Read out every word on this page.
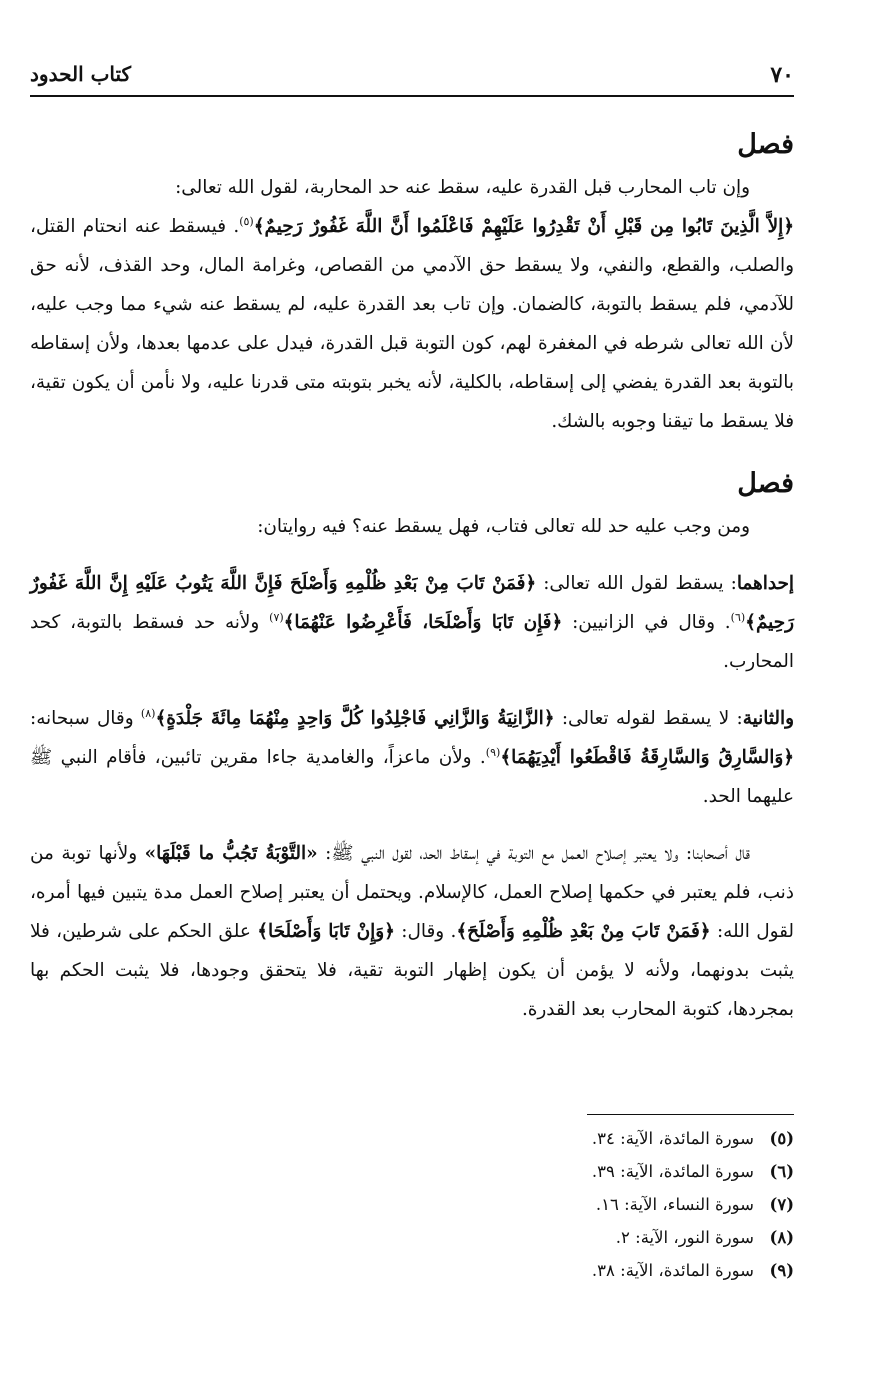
٧٠
كتاب الحدود
فصل

وإن تاب المحارب قبل القدرة عليه، سقط عنه حد المحاربة، لقول الله تعالى:
﴿إِلاَّ الَّذِينَ تَابُوا مِن قَبْلِ أَنْ تَقْدِرُوا عَلَيْهِمْ فَاعْلَمُوا أَنَّ اللَّهَ غَفُورٌ رَحِيمٌ﴾$^{(٥)}$. فيسقط عنه انحتام القتل، والصلب، والقطع، والنفي، ولا يسقط حق الآدمي من القصاص، وغرامة المال، وحد القذف، لأنه حق للآدمي، فلم يسقط بالتوبة، كالضمان. وإن تاب بعد القدرة عليه، لم يسقط عنه شيء مما وجب عليه، لأن الله تعالى شرطه في المغفرة لهم، كون التوبة قبل القدرة، فيدل على عدمها بعدها، ولأن إسقاطه بالتوبة بعد القدرة يفضي إلى إسقاطه، بالكلية، لأنه يخبر بتوبته متى قدرنا عليه، ولا نأمن أن يكون تقية، فلا يسقط ما تيقنا وجوبه بالشك.

فصل

ومن وجب عليه حد لله تعالى فتاب، فهل يسقط عنه؟ فيه روايتان:

إحداهما: يسقط لقول الله تعالى: ﴿فَمَنْ تَابَ مِنْ بَعْدِ ظُلْمِهِ وَأَصْلَحَ فَإِنَّ اللَّهَ يَتُوبُ عَلَيْهِ إِنَّ اللَّهَ غَفُورٌ رَحِيمٌ﴾$^{(٦)}$. وقال في الزانيين: ﴿فَإِن تَابَا وَأَصْلَحَا، فَأَعْرِضُوا عَنْهُمَا﴾$^{(٧)}$ ولأنه حد فسقط بالتوبة، كحد المحارب.

والثانية: لا يسقط لقوله تعالى: ﴿الزَّانِيَةُ وَالزَّانِي فَاجْلِدُوا كُلَّ وَاحِدٍ مِنْهُمَا مِائَةَ جَلْدَةٍ﴾$^{(٨)}$ وقال سبحانه: ﴿وَالسَّارِقُ وَالسَّارِقَةُ فَاقْطَعُوا أَيْدِيَهُمَا﴾$^{(٩)}$. ولأن ماعزاً، والغامدية جاءا مقرين تائبين، فأقام النبي ﷺ عليهما الحد.

قال أصحابنا: ولا يعتبر إصلاح العمل مع التوبة في إسقاط الحد، لقول النبي ﷺ: «التَّوْبَةُ تَجُبُّ ما قَبْلَهَا» ولأنها توبة من ذنب، فلم يعتبر في حكمها إصلاح العمل، كالإسلام. ويحتمل أن يعتبر إصلاح العمل مدة يتبين فيها أمره، لقول الله: ﴿فَمَنْ تَابَ مِنْ بَعْدِ ظُلْمِهِ وَأَصْلَحَ﴾. وقال: ﴿وَإِنْ تَابَا وَأَصْلَحَا﴾ علق الحكم على شرطين، فلا يثبت بدونهما، ولأنه لا يؤمن أن يكون إظهار التوبة تقية، فلا يتحقق وجودها، فلا يثبت الحكم بها بمجردها، كتوبة المحارب بعد القدرة.

(٥)
سورة المائدة، الآية: ٣٤.
(٦)
سورة المائدة، الآية: ٣٩.
(٧)
سورة النساء، الآية: ١٦.
(٨)
سورة النور، الآية: ٢.
(٩)
سورة المائدة، الآية: ٣٨.
